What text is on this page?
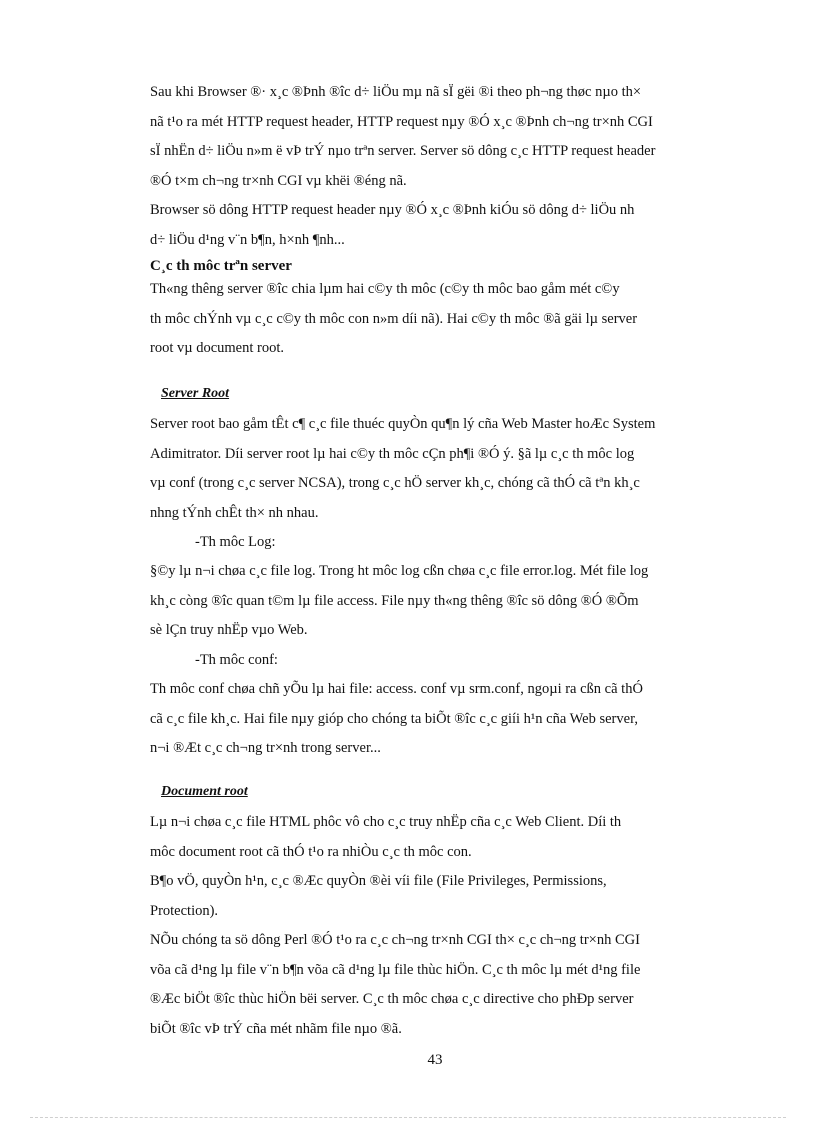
Sau khi Browser ®· x¸c ®Þnh ®îc d÷ liÖu mµ nã sÏ gëi ®i theo ph¬ng thøc nµo th×
nã t¹o ra mét HTTP request header, HTTP request nµy ®Ó x¸c ®Þnh ch¬ng tr×nh CGI
sÏ nhËn d÷ liÖu n»m ë vÞ trÝ nµo trªn server. Server sö dông c¸c HTTP request header
®Ó t×m ch¬ng tr×nh CGI vµ khëi ®éng nã.
Browser sö dông HTTP request header nµy ®Ó x¸c ®Þnh kiÓu sö dông d÷ liÖu nh
d÷ liÖu d¹ng v¨n b¶n, h×nh ¶nh...
C¸c th môc trªn server
Th«ng thêng server ®îc chia lµm hai c©y th môc (c©y th môc bao gåm mét c©y
th môc chÝnh vµ c¸c c©y th môc con n»m díi nã). Hai c©y th môc ®ã gäi lµ server
root vµ document root.
Server Root
Server root bao gåm tÊt c¶ c¸c file thuéc quyÒn qu¶n lý cña Web Master hoÆc System
Adimitrator. Díi server root lµ hai c©y th môc cÇn ph¶i ®Ó ý. §ã lµ c¸c th môc log
vµ conf (trong c¸c server NCSA), trong c¸c hÖ server kh¸c, chóng cã thÓ cã tªn kh¸c
nhng tÝnh chÊt th× nh nhau.
-Th môc Log:
§©y lµ n¬i chøa c¸c file log. Trong ht môc log cßn chøa c¸c file error.log. Mét file log
kh¸c còng ®îc quan t©m lµ file access. File nµy th«ng thêng ®îc sö dông ®Ó ®Õm
sè lÇn truy nhËp vµo Web.
-Th môc conf:
Th môc conf chøa chñ yÕu lµ hai file: access. conf vµ srm.conf, ngoµi ra cßn cã thÓ
cã c¸c file kh¸c. Hai file nµy gióp cho chóng ta biÕt ®îc c¸c giíi h¹n cña Web server,
n¬i ®Æt c¸c ch¬ng tr×nh trong server...
Document root
Lµ n¬i chøa c¸c file HTML phôc vô cho c¸c truy nhËp cña c¸c Web Client. Díi th
môc document root cã thÓ t¹o ra nhiÒu c¸c th môc con.
B¶o vÖ, quyÒn h¹n, c¸c ®Æc quyÒn ®èi víi file (File Privileges, Permissions,
Protection).
NÕu chóng ta sö dông Perl ®Ó t¹o ra c¸c ch¬ng tr×nh CGI th× c¸c ch¬ng tr×nh CGI
võa cã d¹ng lµ file v¨n b¶n võa cã d¹ng lµ file thùc hiÖn. C¸c th môc lµ mét d¹ng file
®Æc biÖt ®îc thùc hiÖn bëi server. C¸c th môc chøa c¸c directive cho phÐp server
biÕt ®îc vÞ trÝ cña mét nhãm file nµo ®ã.
43
